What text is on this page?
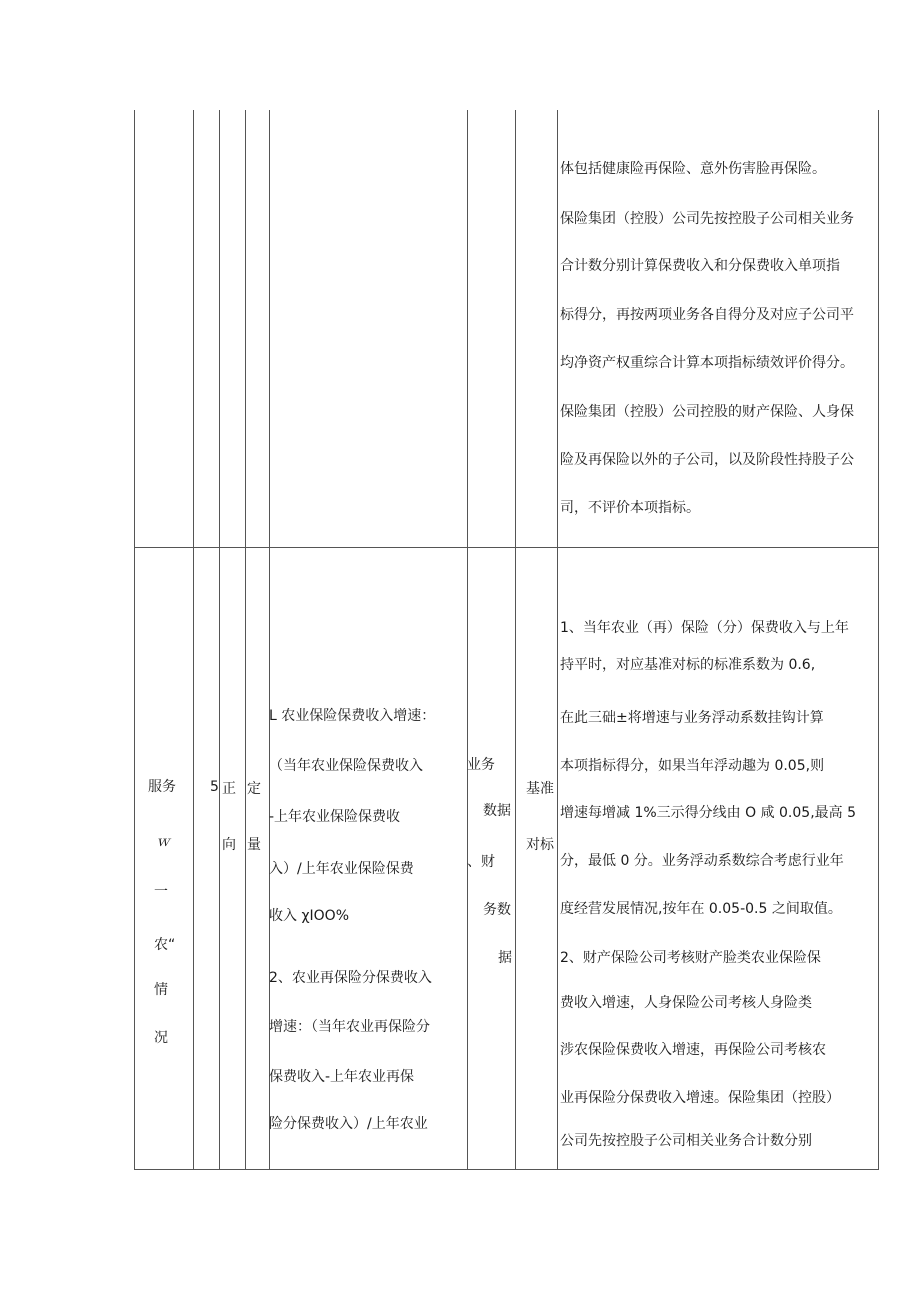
体包括健康险再保险、意外伤害脸再保险。
保险集团（控股）公司先按控股子公司相关业务
合计数分别计算保费收入和分保费收入单项指
标得分，再按两项业务各自得分及对应子公司平
均净资产权重综合计算本项指标绩效评价得分。
保险集团（控股）公司控股的财产保险、人身保
险及再保险以外的子公司，以及阶段性持股子公
司，不评价本项指标。
服务
ｗ
一
农“
情
况
5 正
向
定
量
L 农业保险保费收入增速：
（当年农业保险保费收入
-上年农业保险保费收
入）/上年农业保险保费
收入 χIOO%
2、农业再保险分保费收入
增速：（当年农业再保险分
保费收入-上年农业再保
险分保费收入）/上年农业
业务
数据
、财
务数
据
基准
对标
1、当年农业（再）保险（分）保费收入与上年
持平时，对应基准对标的标准系数为 0.6,
在此三础±将增速与业务浮动系数挂钩计算
本项指标得分，如果当年浮动趣为 0.05,则
增速每增减 1%三示得分线由 O 咸 0.05,最高 5
分，最低 0 分。业务浮动系数综合考虑行业年
度经营发展情况,按年在 0.05-0.5 之间取值。
2、财产保险公司考核财产脸类农业保险保
费收入增速，人身保险公司考核人身险类
涉农保险保费收入增速，再保险公司考核农
业再保险分保费收入增速。保险集团（控股）
公司先按控股子公司相关业务合计数分别
